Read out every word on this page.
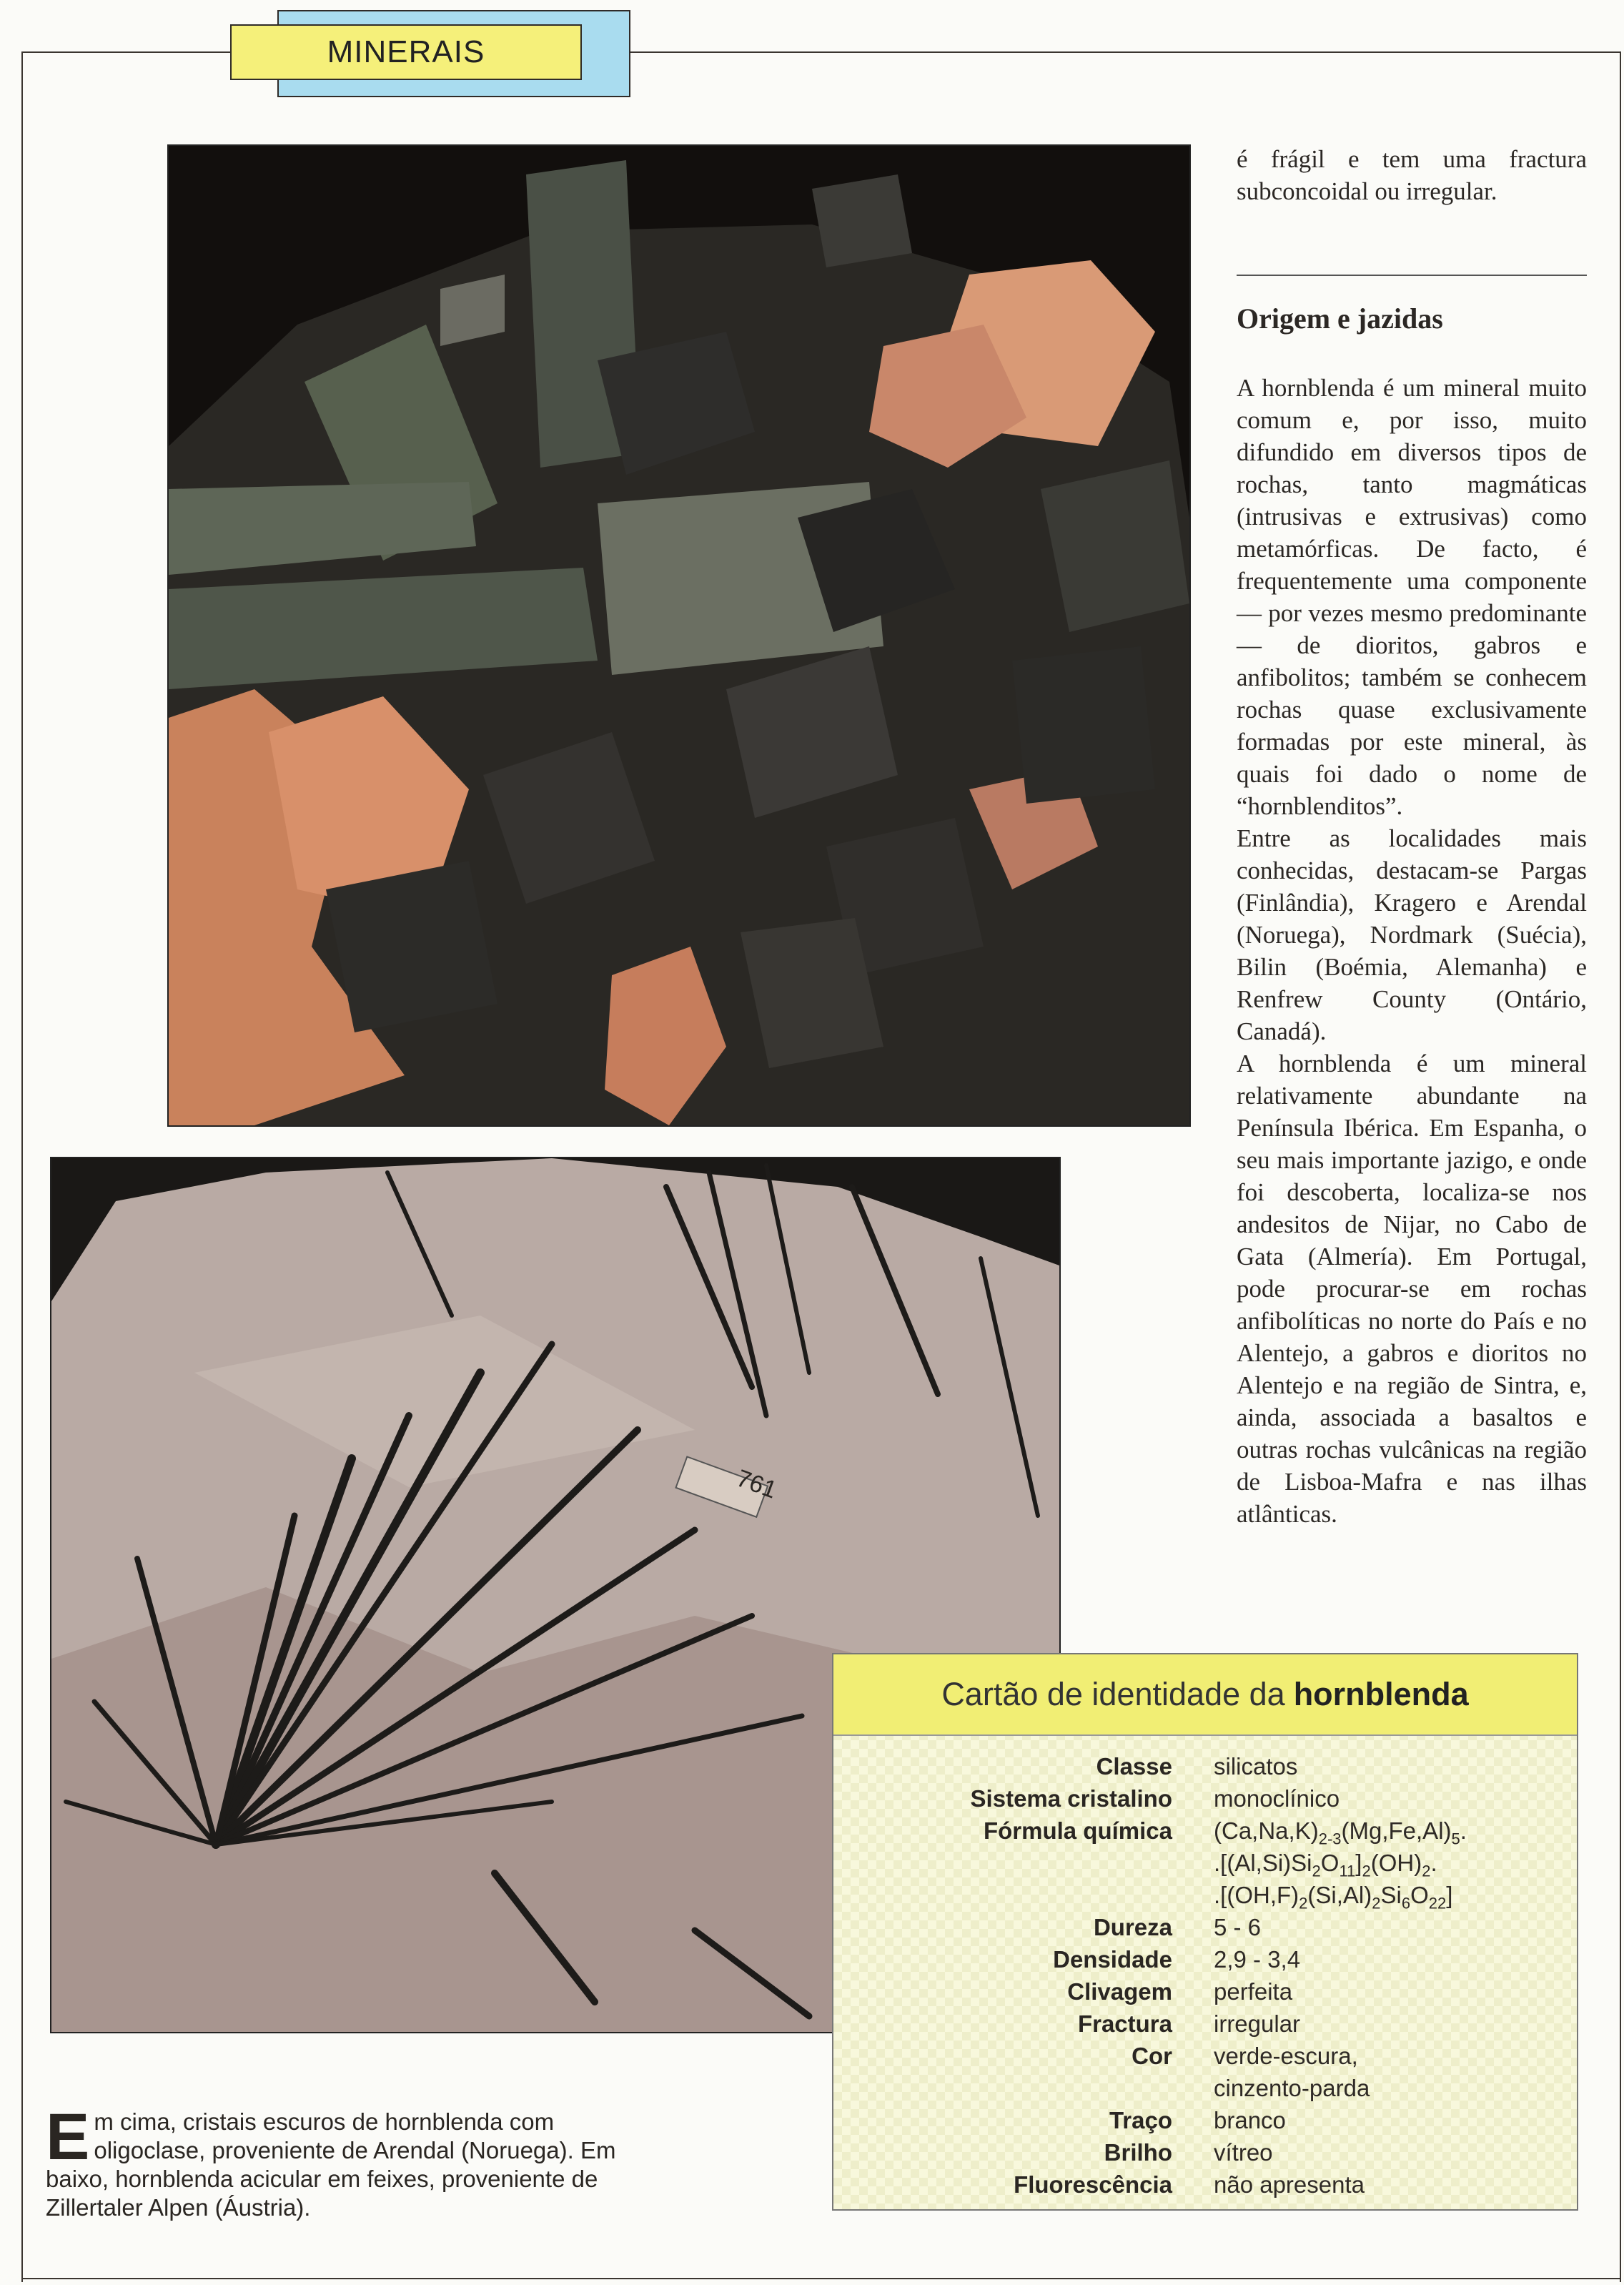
MINERAIS
761
é frágil e tem uma fractura subconcoidal ou irregular.
Origem e jazidas

A hornblenda é um mineral muito comum e, por isso, muito difundido em diversos tipos de rochas, tanto magmáticas (intrusivas e extrusivas) como metamórficas. De facto, é frequentemente uma componente — por vezes mesmo predominante — de dioritos, gabros e anfibolitos; também se conhecem rochas quase exclusivamente formadas por este mineral, às quais foi dado o nome de “hornblenditos”.

Entre as localidades mais conhecidas, destacam-se Pargas (Finlândia), Kragero e Arendal (Noruega), Nordmark (Suécia), Bilin (Boémia, Alemanha) e Renfrew County (Ontário, Canadá).

A hornblenda é um mineral relativamente abundante na Península Ibérica. Em Espanha, o seu mais importante jazigo, e onde foi descoberta, localiza-se nos andesitos de Nijar, no Cabo de Gata (Almería). Em Portugal, pode procurar-se em rochas anfibolíticas no norte do País e no Alentejo, a gabros e dioritos no Alentejo e na região de Sintra, e, ainda, associada a basaltos e outras rochas vulcânicas na região de Lisboa-Mafra e nas ilhas atlânticas.

Cartão de identidade da hornblenda
Classe silicatos
Sistema cristalino monoclínico
Fórmula química $(Ca,Na,K)_{2-3}(Mg,Fe,Al)_5$.
$.[(Al,Si)Si_2O_{11}]_2(OH)_2$.
$.[(OH,F)_2(Si,Al)_2Si_6O_{22}]$
Dureza 5 - 6
Densidade 2,9 - 3,4
Clivagem perfeita
Fractura irregular
Cor verde-escura, cinzento-parda
Traço branco
Brilho vítreo
Fluorescência não apresenta
Em cima, cristais escuros de hornblenda com oligoclase, proveniente de Arendal (Noruega). Em baixo, hornblenda acicular em feixes, proveniente de Zillertaler Alpen (Áustria).
